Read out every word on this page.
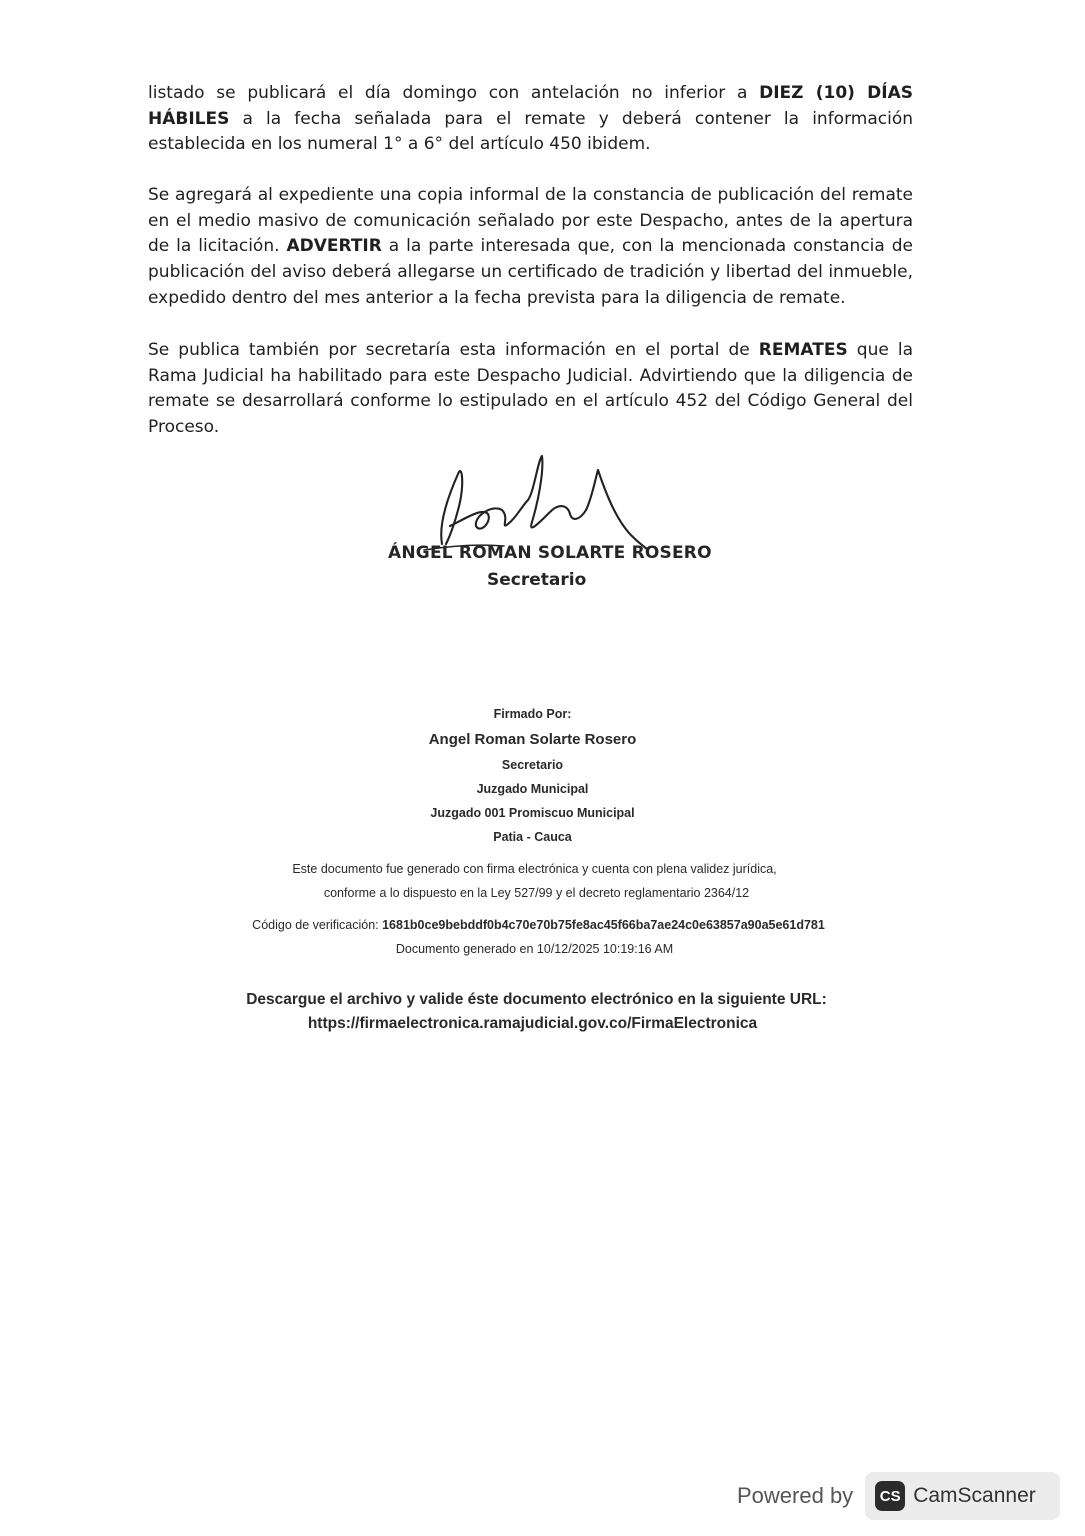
listado se publicará el día domingo con antelación no inferior a DIEZ (10) DÍAS HÁBILES a la fecha señalada para el remate y deberá contener la información establecida en los numeral 1° a 6° del artículo 450 ibidem.

Se agregará al expediente una copia informal de la constancia de publicación del remate en el medio masivo de comunicación señalado por este Despacho, antes de la apertura de la licitación. ADVERTIR a la parte interesada que, con la mencionada constancia de publicación del aviso deberá allegarse un certificado de tradición y libertad del inmueble, expedido dentro del mes anterior a la fecha prevista para la diligencia de remate.

Se publica también por secretaría esta información en el portal de REMATES que la Rama Judicial ha habilitado para este Despacho Judicial. Advirtiendo que la diligencia de remate se desarrollará conforme lo estipulado en el artículo 452 del Código General del Proceso.

ÁNGEL ROMAN SOLARTE ROSERO
Secretario
Firmado Por:
Angel Roman Solarte Rosero
Secretario
Juzgado Municipal
Juzgado 001 Promiscuo Municipal
Patia - Cauca
Este documento fue generado con firma electrónica y cuenta con plena validez jurídica,
conforme a lo dispuesto en la Ley 527/99 y el decreto reglamentario 2364/12
Código de verificación: 1681b0ce9bebddf0b4c70e70b75fe8ac45f66ba7ae24c0e63857a90a5e61d781
Documento generado en 10/12/2025 10:19:16 AM
Descargue el archivo y valide éste documento electrónico en la siguiente URL:
https://firmaelectronica.ramajudicial.gov.co/FirmaElectronica
Powered by	CS CamScanner
